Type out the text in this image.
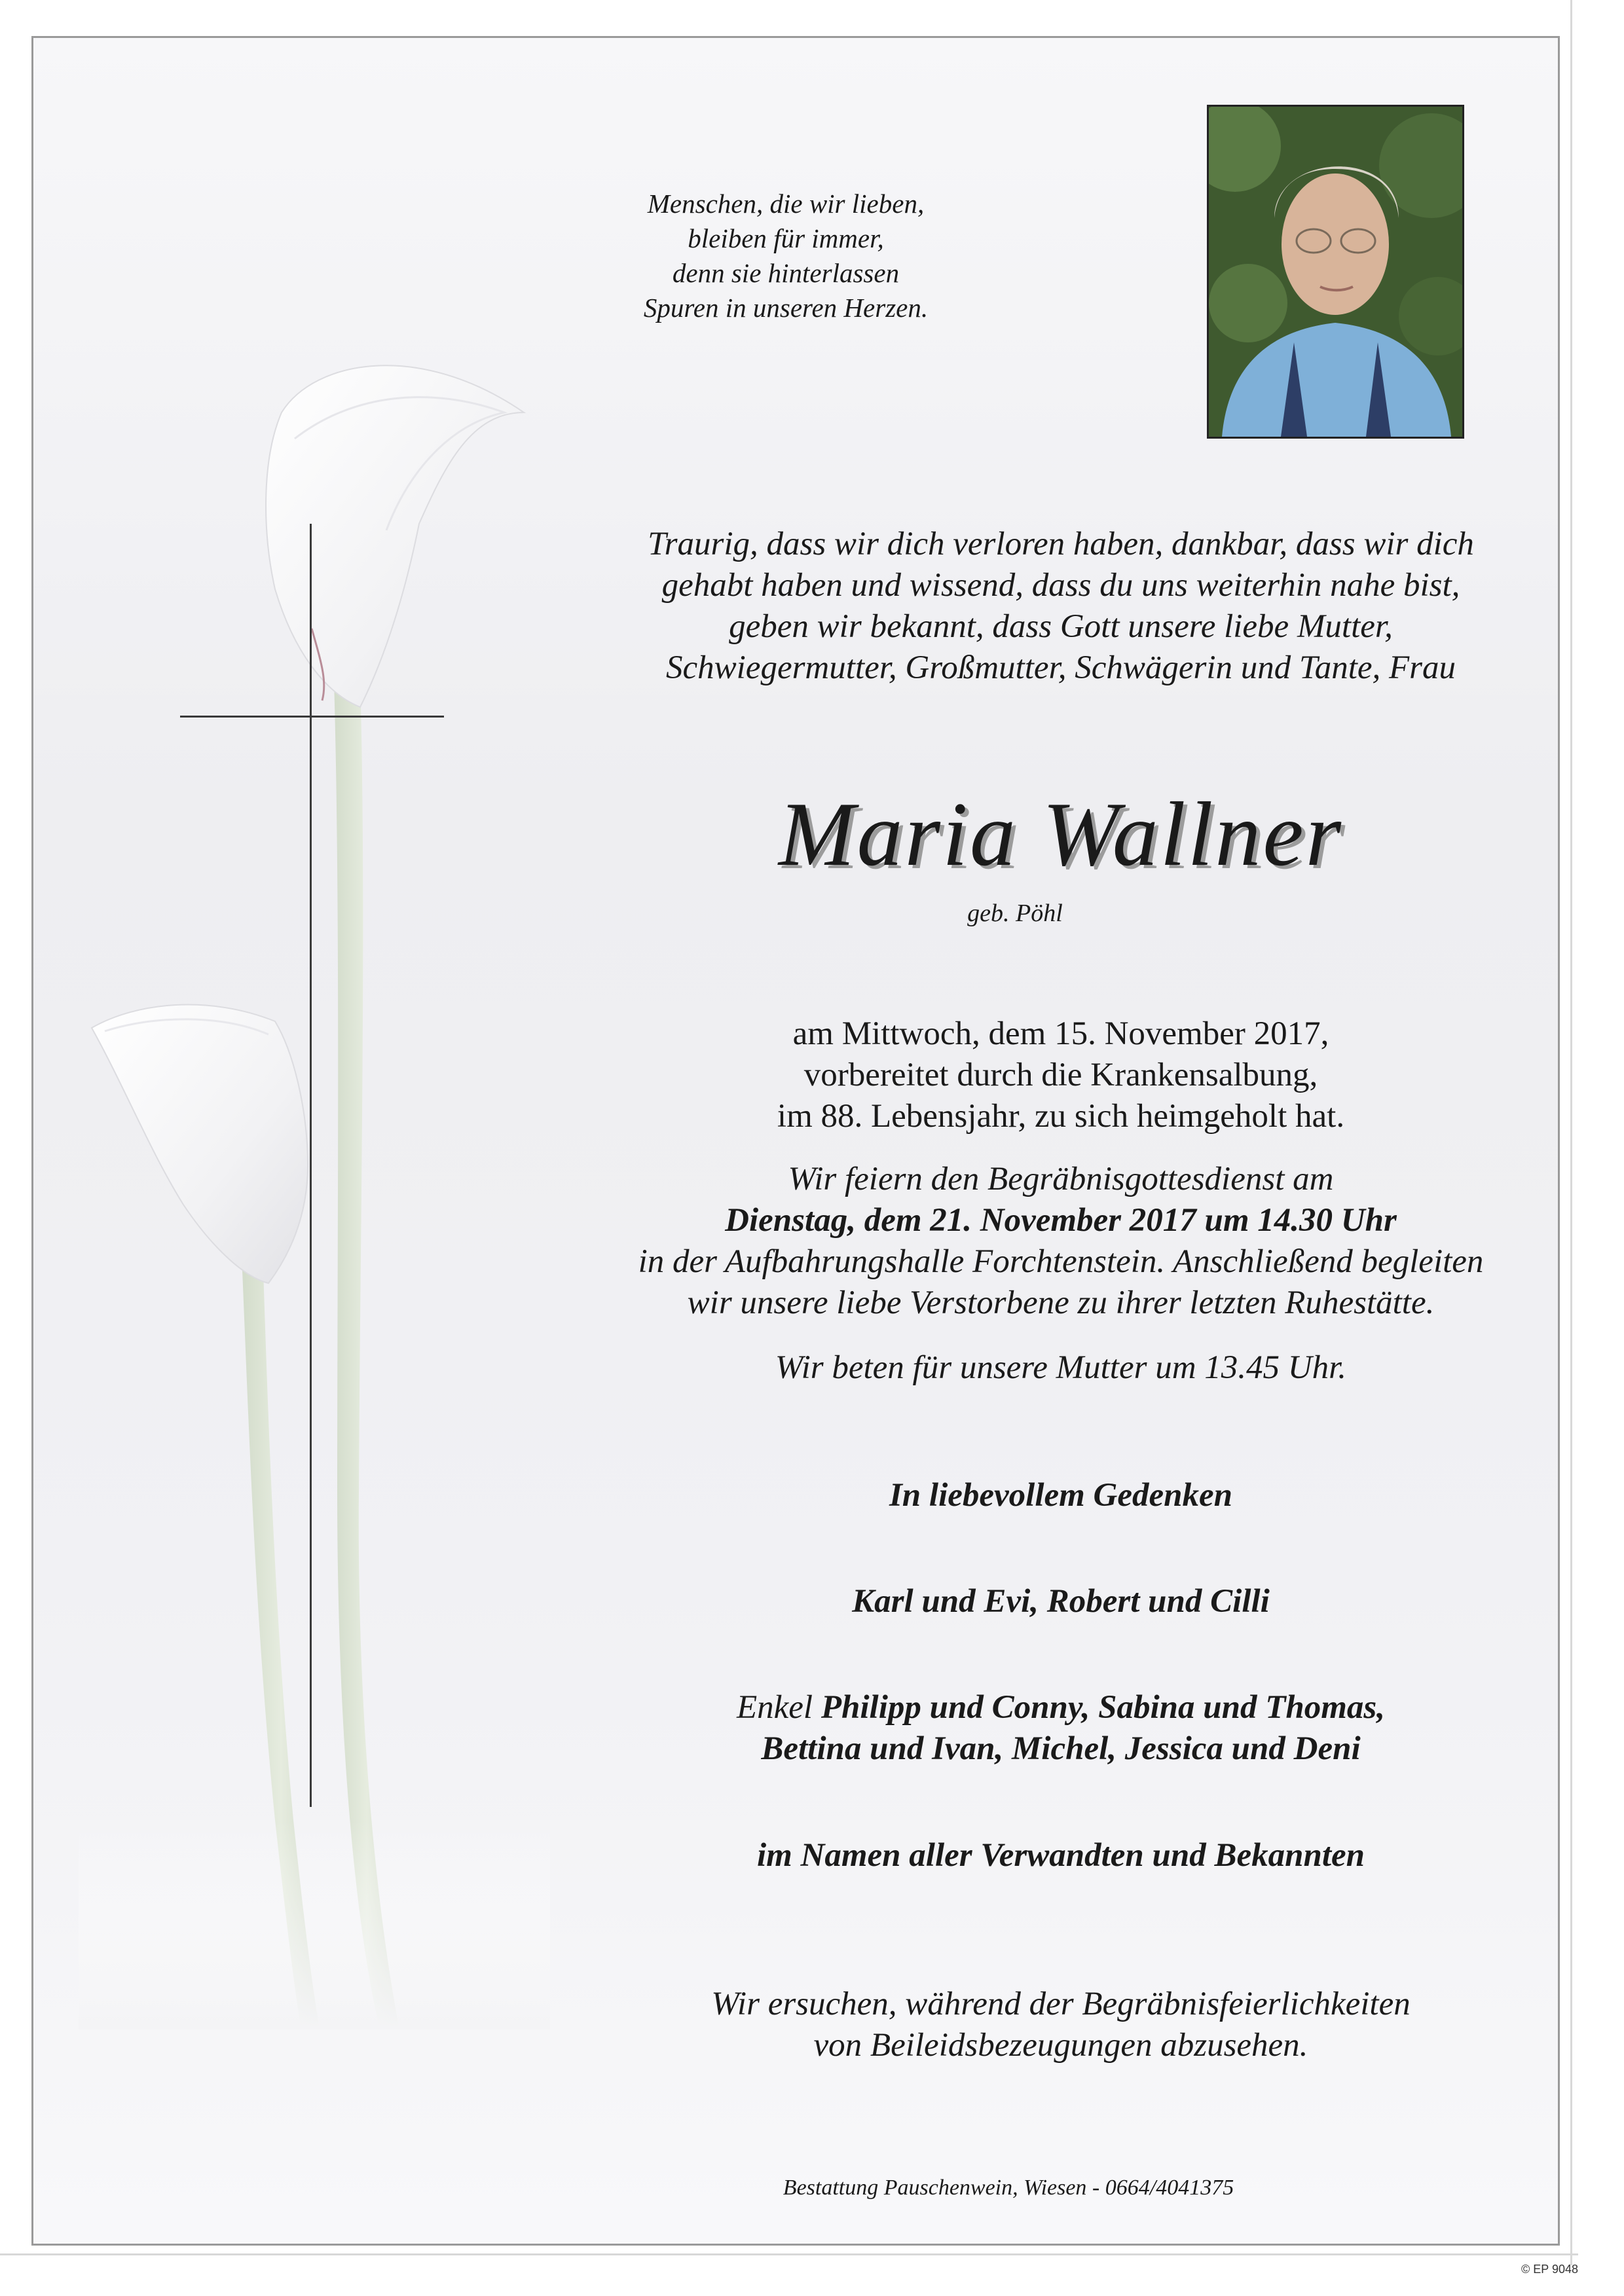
Menschen, die wir lieben,
bleiben für immer,
denn sie hinterlassen
Spuren in unseren Herzen.
Traurig, dass wir dich verloren haben, dankbar, dass wir dich
gehabt haben und wissend, dass du uns weiterhin nahe bist,
geben wir bekannt, dass Gott unsere liebe Mutter,
Schwiegermutter, Großmutter, Schwägerin und Tante, Frau
Maria Wallner
geb. Pöhl
am Mittwoch, dem 15. November 2017,
vorbereitet durch die Krankensalbung,
im 88. Lebensjahr, zu sich heimgeholt hat.
Wir feiern den Begräbnisgottesdienst am
Dienstag, dem 21. November 2017 um 14.30 Uhr
in der Aufbahrungshalle Forchtenstein. Anschließend begleiten
wir unsere liebe Verstorbene zu ihrer letzten Ruhestätte.
Wir beten für unsere Mutter um 13.45 Uhr.
In liebevollem Gedenken
Karl und Evi, Robert und Cilli
Enkel Philipp und Conny, Sabina und Thomas,
Bettina und Ivan, Michel, Jessica und Deni
im Namen aller Verwandten und Bekannten
Wir ersuchen, während der Begräbnisfeierlichkeiten
von Beileidsbezeugungen abzusehen.
Bestattung Pauschenwein, Wiesen - 0664/4041375
© EP 9048
